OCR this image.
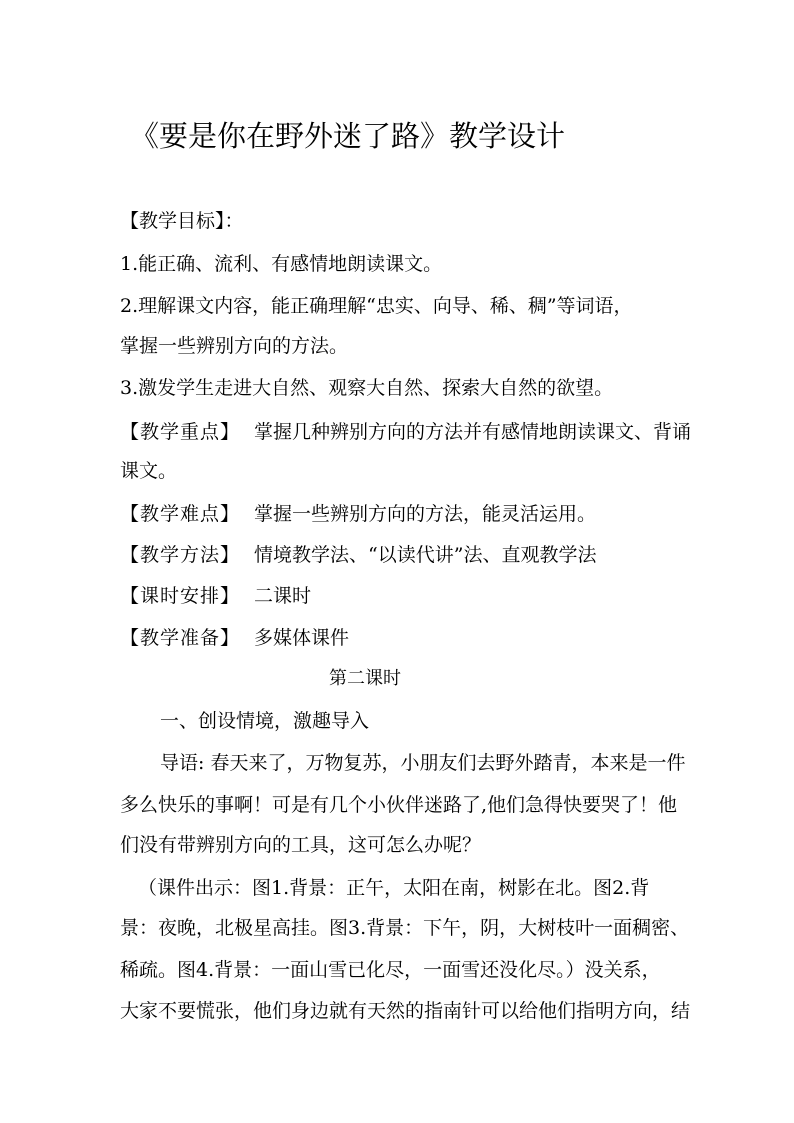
《要是你在野外迷了路》教学设计
【教学目标】：
1.能正确、流利、有感情地朗读课文。
2.理解课文内容，能正确理解“忠实、向导、稀、稠”等词语，
掌握一些辨别方向的方法。
3.激发学生走进大自然、观察大自然、探索大自然的欲望。
【教学重点】 掌握几种辨别方向的方法并有感情地朗读课文、背诵
课文。
【教学难点】 掌握一些辨别方向的方法，能灵活运用。
【教学方法】 情境教学法、“以读代讲”法、直观教学法
【课时安排】 二课时
【教学准备】 多媒体课件
第二课时
一、创设情境，激趣导入
导语: 春天来了，万物复苏，小朋友们去野外踏青，本来是一件
多么快乐的事啊！可是有几个小伙伴迷路了,他们急得快要哭了！他
们没有带辨别方向的工具，这可怎么办呢？
（课件出示：图1.背景：正午，太阳在南，树影在北。图2.背
景：夜晚，北极星高挂。图3.背景：下午，阴，大树枝叶一面稠密、
稀疏。图4.背景：一面山雪已化尽，一面雪还没化尽。）没关系，
大家不要慌张，他们身边就有天然的指南针可以给他们指明方向，结
